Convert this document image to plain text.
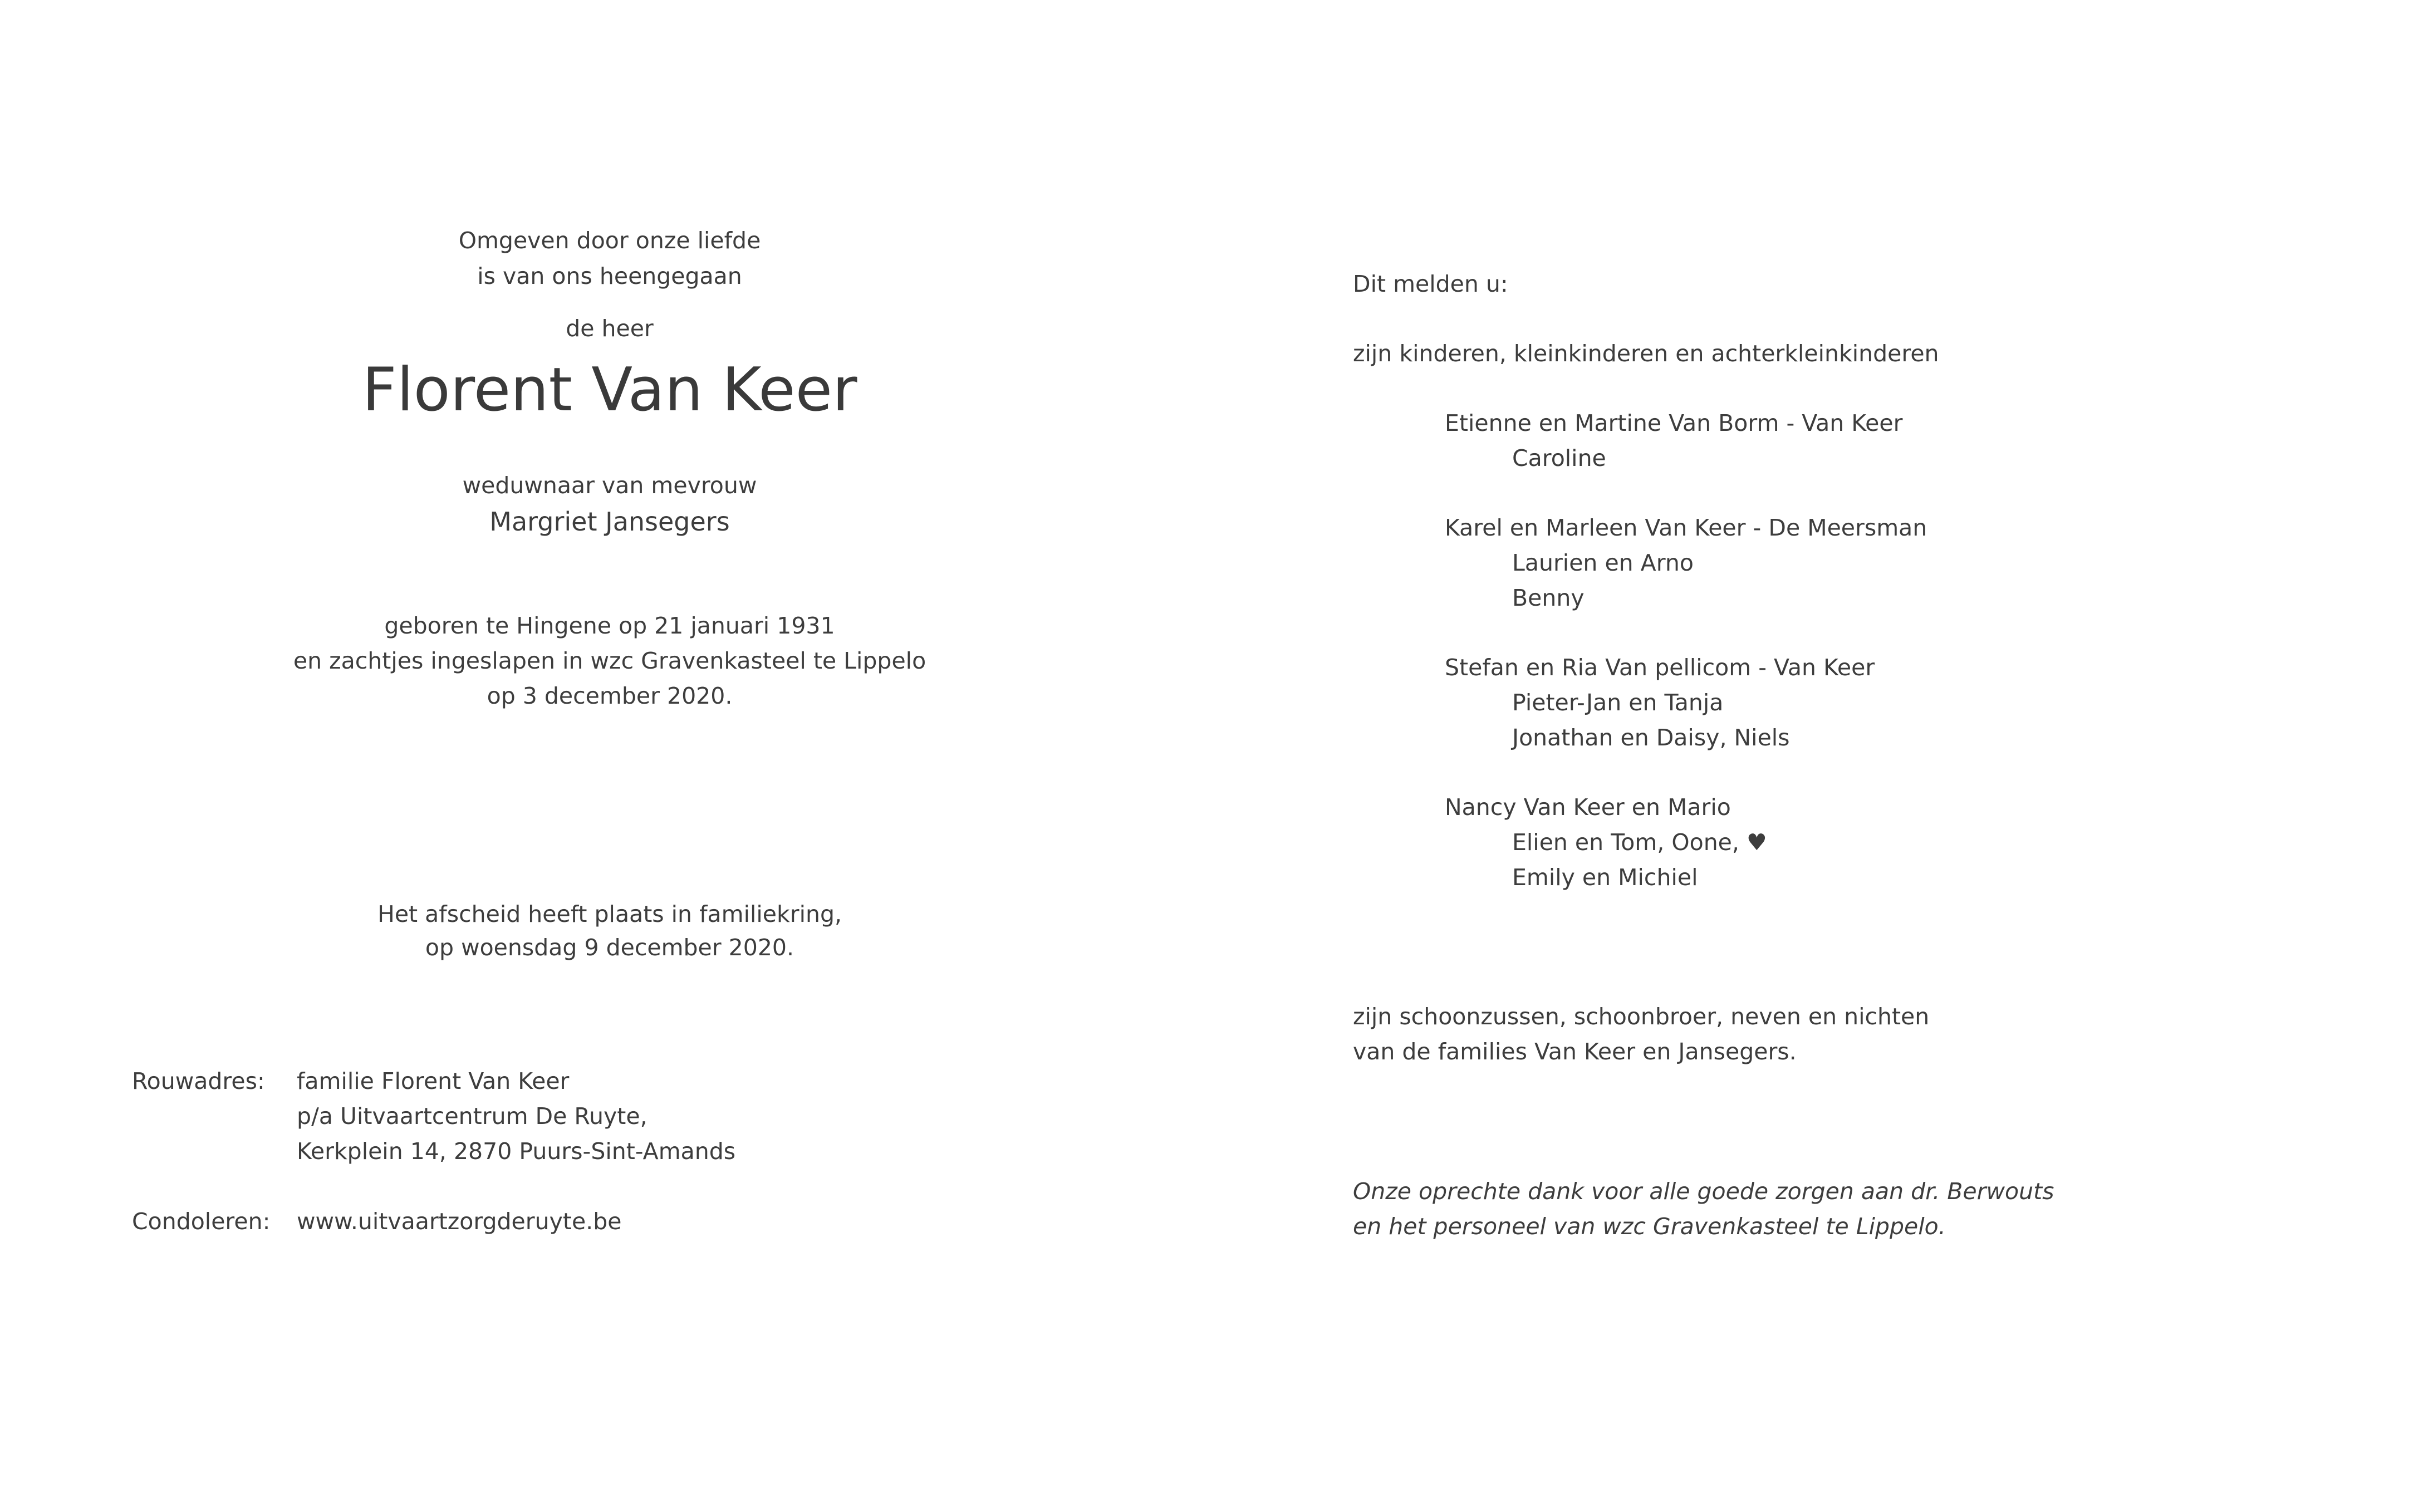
Omgeven door onze liefde
is van ons heengegaan
de heer
Florent Van Keer
weduwnaar van mevrouw
Margriet Jansegers
geboren te Hingene op 21 januari 1931
en zachtjes ingeslapen in wzc Gravenkasteel te Lippelo
op 3 december 2020.
Het afscheid heeft plaats in familiekring,
op woensdag 9 december 2020.
Rouwadres: familie Florent Van Keer
p/a Uitvaartcentrum De Ruyte,
Kerkplein 14, 2870 Puurs-Sint-Amands
Condoleren: www.uitvaartzorgderuyte.be
Dit melden u:
zijn kinderen, kleinkinderen en achterkleinkinderen
Etienne en Martine Van Borm - Van Keer
Caroline
Karel en Marleen Van Keer - De Meersman
Laurien en Arno
Benny
Stefan en Ria Van pellicom - Van Keer
Pieter-Jan en Tanja
Jonathan en Daisy, Niels
Nancy Van Keer en Mario
Elien en Tom, Oone, ♥
Emily en Michiel
zijn schoonzussen, schoonbroer, neven en nichten
van de families Van Keer en Jansegers.
Onze oprechte dank voor alle goede zorgen aan dr. Berwouts
en het personeel van wzc Gravenkasteel te Lippelo.
